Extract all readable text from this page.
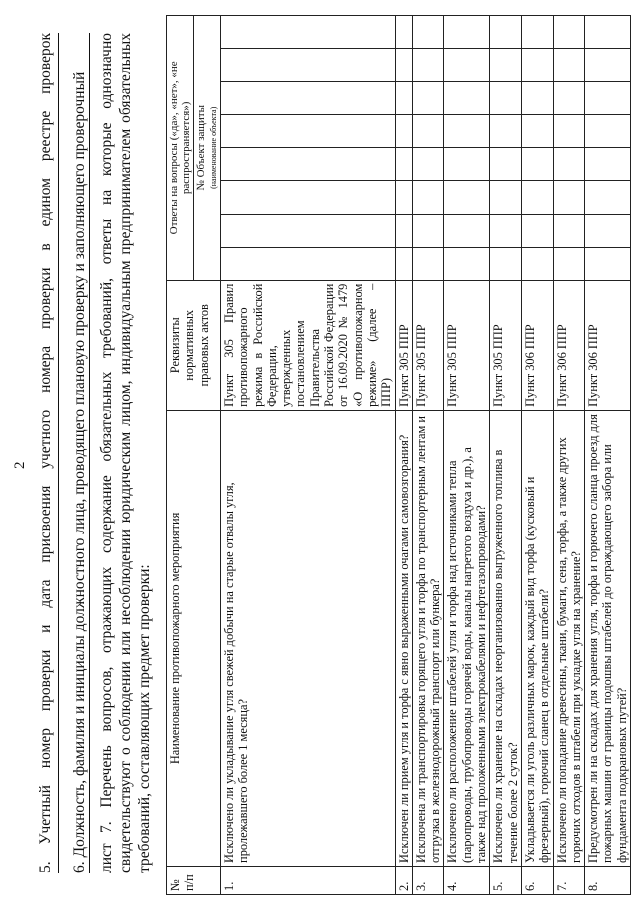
2 5. Учетный номер проверки и дата присвоения учетного номера проверки в едином реестре проверок 6. Должность, фамилия и инициалы должностного лица, проводящего плановую проверку и заполняющего проверочный лист
7. Перечень вопросов, отражающих содержание обязательных требований, ответы на которые однозначно свидетельствуют о соблюдении или несоблюдении юридическим лицом, индивидуальным предпринимателем обязательных требований, составляющих предмет проверки:
№ п/п	Наименование противопожарного мероприятия	Реквизиты нормативных правовых актов	Ответы на вопросы («да», «нет», «не распространяется»)							
			№ Объект защиты (наименование объекта)							
1.	Исключено ли укладывание угля свежей добычи на старые отвалы угля, пролежавшего более 1 месяца?	Пункт 305 Правил противопожарного режима в Российской Федерации, утвержденных постановлением Правительства Российской Федерации от 16.09.2020 № 1479 «О противопожарном режиме» (далее – ППР)								
2.	Исключен ли прием угля и торфа с явно выраженными очагами самовозгорания?	Пункт 305 ППР								
3.	Исключена ли транспортировка горящего угля и торфа по транспортерным лентам и отгрузка в железнодорожный транспорт или бункера?	Пункт 305 ППР								
4.	Исключено ли расположение штабелей угля и торфа над источниками тепла (паропроводы, трубопроводы горячей воды, каналы нагретого воздуха и др.), а также над проложенными электрокабелями и нефтегазопроводами?	Пункт 305 ППР								
5.	Исключено ли хранение на складах неорганизованно выгруженного топлива в течение более 2 суток?	Пункт 305 ППР								
6.	Укладывается ли уголь различных марок, каждый вид торфа (кусковый и фрезерный), горючий сланец в отдельные штабели?	Пункт 306 ППР								
7.	Исключено ли попадание древесины, ткани, бумаги, сена, торфа, а также других горючих отходов в штабели при укладке угля на хранение?	Пункт 306 ППР								
8.	Предусмотрен ли на складах для хранения угля, торфа и горючего сланца проезд для пожарных машин от границы подошвы штабелей до ограждающего забора или фундамента подкрановых путей?	Пункт 306 ППР								
